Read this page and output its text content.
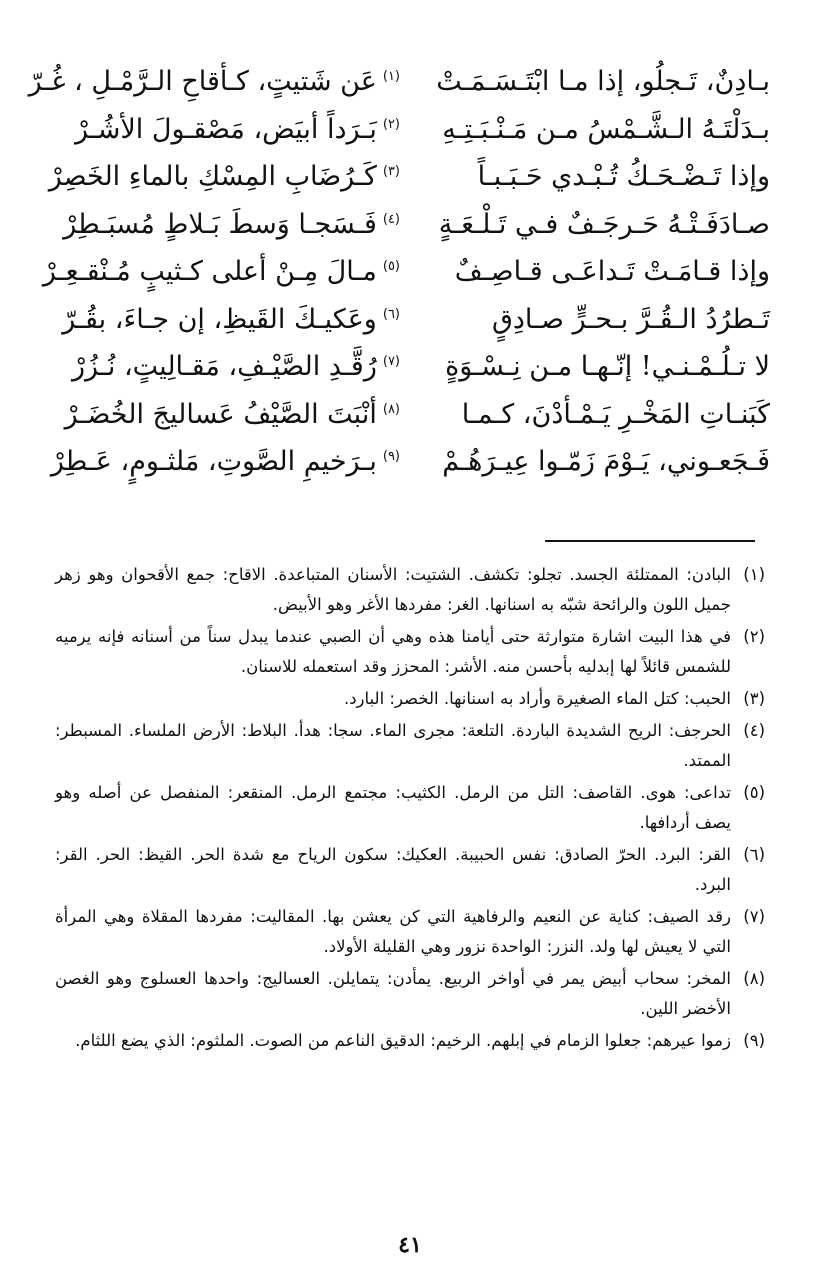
بـادِنٌ، تَـجلُو، إذا مـا ابْتَـسَـمَـتْ
$^{(١)}$عَن شَتيتٍ، كـأقاحِ الـرَّمْـلِ ، غُـرّ
بـدَلْتَـهُ الـشَّـمْسُ مـن مَـنْـبَـتِـهِ
$^{(٢)}$بَـرَداً أبيَض، مَصْقـولَ الأشُـرْ
وإذا تَـضْـحَـكُ تُـبْـدي حَـبَـبـاً
$^{(٣)}$كَـرُضَابِ المِسْكِ بالماءِ الخَصِرْ
صـادَفَـتْـهُ حَـرجَـفٌ فـي تَـلْـعَـةٍ
$^{(٤)}$فَـسَجـا وَسطَ بَـلاطٍ مُسبَـطِرْ
وإذا قـامَـتْ تَـداعَـى قـاصِـفٌ
$^{(٥)}$مـالَ مِـنْ أعلى كـثيبٍ مُـنْقـعِـرْ
تَـطرُدُ الـقُـرَّ بـحـرٍّ صـادِقٍ
$^{(٦)}$وعَكيـكَ القَيظِ، إن جـاءَ، بقُـرّ
لا تـلُـمْـنـي! إنّـهـا مـن نِـسْـوَةٍ
$^{(٧)}$رُقَّـدِ الصَّيْـفِ، مَقـالِيتٍ، نُـزُرْ
كَبَنـاتِ المَخْـرِ يَـمْـأدْنَ، كـمـا
$^{(٨)}$أنْبَتَ الصَّيْفُ عَساليجَ الخُضَـرْ
فَـجَعـوني، يَـوْمَ زَمّـوا عِيـرَهُـمْ
$^{(٩)}$بـرَخيمِ الصَّوتِ، مَلثـومٍ، عَـطِرْ
(١)
البادن: الممتلئة الجسد. تجلو: تكشف. الشتيت: الأسنان المتباعدة. الاقاح: جمع الأقحوان وهو زهر جميل اللون والرائحة شبّه به اسنانها. الغر: مفردها الأغر وهو الأبيض.
(٢)
في هذا البيت اشارة متوارثة حتى أيامنا هذه وهي أن الصبي عندما يبدل سناً من أسنانه فإنه يرميه للشمس قائلاً لها إبدليه بأحسن منه. الأشر: المحزز وقد استعمله للاسنان.
(٣)
الحبب: كتل الماء الصغيرة وأراد به اسنانها. الخصر: البارد.
(٤)
الحرجف: الريح الشديدة الباردة. التلعة: مجرى الماء. سجا: هدأ. البلاط: الأرض الملساء. المسبطر: الممتد.
(٥)
تداعى: هوى. القاصف: التل من الرمل. الكثيب: مجتمع الرمل. المنقعر: المنفصل عن أصله وهو يصف أردافها.
(٦)
القر: البرد. الحرّ الصادق: نفس الحبيبة. العكيك: سكون الرياح مع شدة الحر. القيظ: الحر. القر: البرد.
(٧)
رقد الصيف: كناية عن النعيم والرفاهية التي كن يعشن بها. المقاليت: مفردها المقلاة وهي المرأة التي لا يعيش لها ولد. النزر: الواحدة نزور وهي القليلة الأولاد.
(٨)
المخر: سحاب أبيض يمر في أواخر الربيع. يمأدن: يتمايلن. العساليج: واحدها العسلوج وهو الغصن الأخضر اللين.
(٩)
زموا عيرهم: جعلوا الزمام في إبلهم. الرخيم: الدقيق الناعم من الصوت. الملثوم: الذي يضع اللثام.
٤١
